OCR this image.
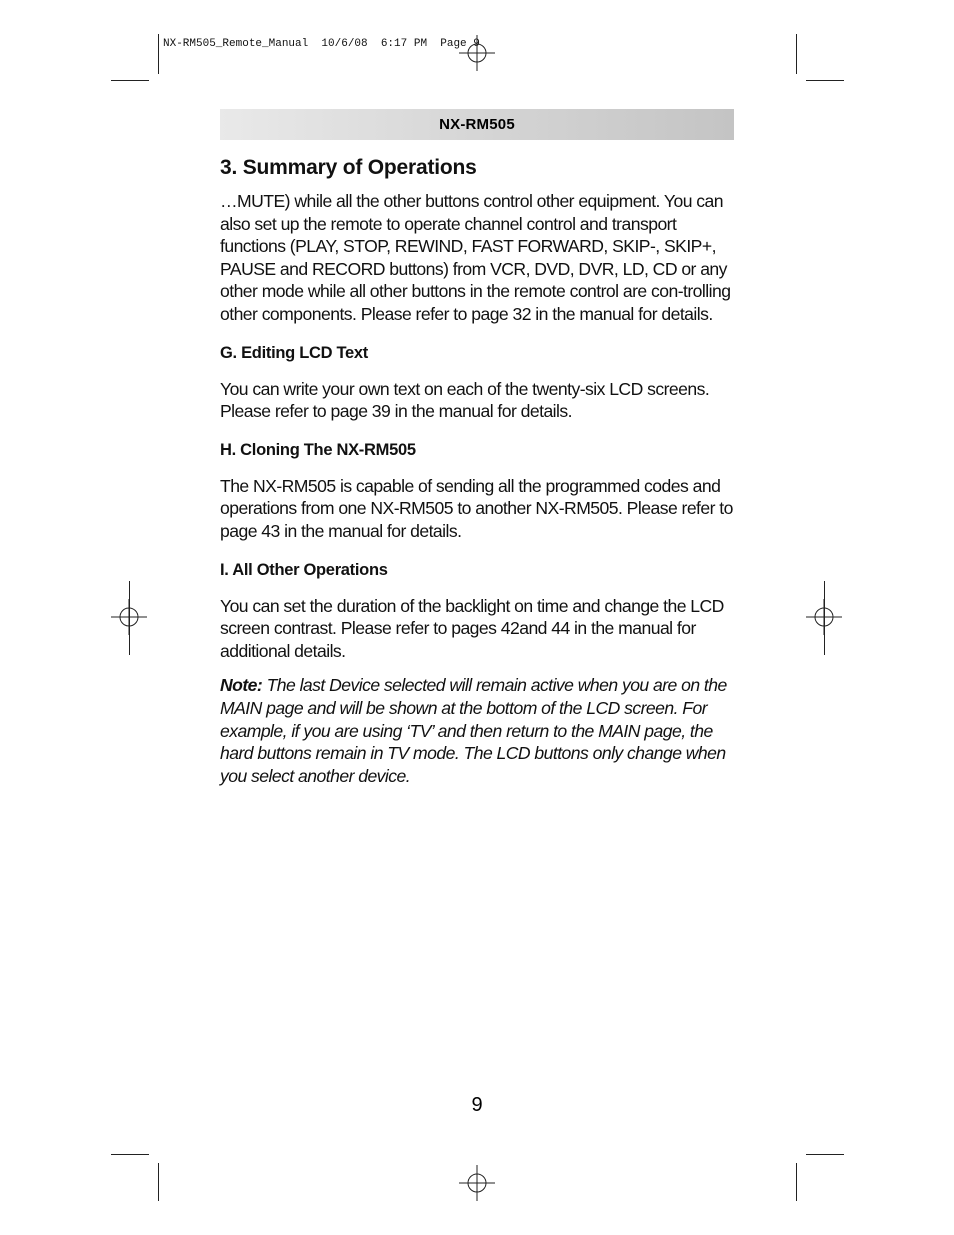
NX-RM505_Remote_Manual  10/6/08  6:17 PM  Page 9
NX-RM505
3. Summary of Operations

…MUTE) while all the other buttons control other equipment. You can also set up the remote to operate channel control and transport functions (PLAY, STOP, REWIND, FAST FORWARD, SKIP-, SKIP+, PAUSE and RECORD buttons) from VCR, DVD, DVR, LD, CD or any other mode while all other buttons in the remote control are con-trolling other components. Please refer to page 32 in the manual for details.

G. Editing LCD Text

You can write your own text on each of the twenty-six LCD screens. Please refer to page 39 in the manual for details.

H. Cloning The NX-RM505

The NX-RM505 is capable of sending all the programmed codes and operations from one NX-RM505 to another NX-RM505. Please refer to page 43 in the manual for details.

I. All Other Operations

You can set the duration of the backlight on time and change the LCD screen contrast. Please refer to pages 42and 44 in the manual for additional details.

Note: The last Device selected will remain active when you are on the MAIN page and will be shown at the bottom of the LCD screen. For example, if you are using ‘TV’ and then return to the MAIN page, the hard buttons remain in TV mode. The LCD buttons only change when you select another device.

9
